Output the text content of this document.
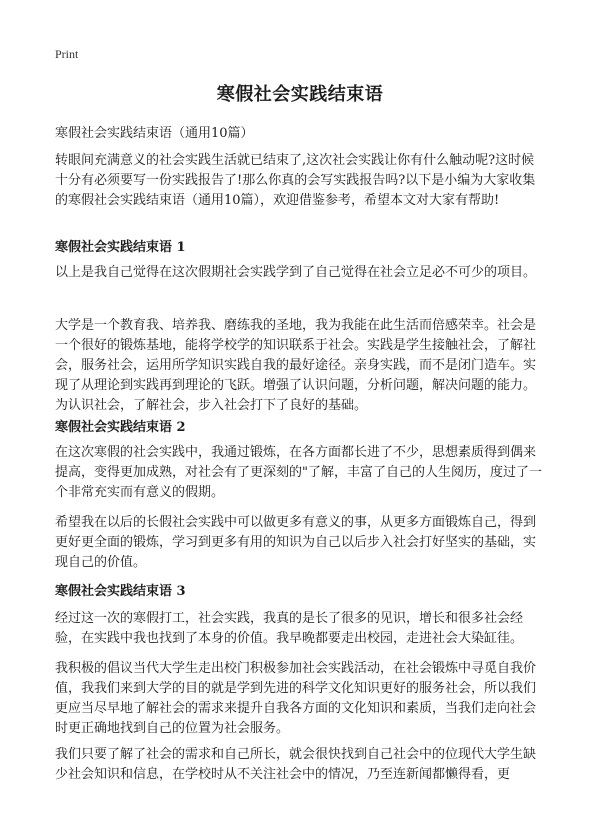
Print
寒假社会实践结束语
寒假社会实践结束语（通用10篇）
转眼间充满意义的社会实践生活就已结束了,这次社会实践让你有什么触动呢?这时候十分有必须要写一份实践报告了!那么你真的会写实践报告吗?以下是小编为大家收集的寒假社会实践结束语（通用10篇），欢迎借鉴参考，希望本文对大家有帮助!
寒假社会实践结束语 1
以上是我自己觉得在这次假期社会实践学到了自己觉得在社会立足必不可少的项目。
大学是一个教育我、培养我、磨练我的圣地，我为我能在此生活而倍感荣幸。社会是一个很好的锻炼基地，能将学校学的知识联系于社会。实践是学生接触社会，了解社会，服务社会，运用所学知识实践自我的最好途径。亲身实践，而不是闭门造车。实现了从理论到实践再到理论的飞跃。增强了认识问题，分析问题，解决问题的能力。为认识社会，了解社会，步入社会打下了良好的基础。
寒假社会实践结束语 2
在这次寒假的社会实践中，我通过锻炼，在各方面都长进了不少，思想素质得到偶来提高，变得更加成熟，对社会有了更深刻的"了解，丰富了自己的人生阅历，度过了一个非常充实而有意义的假期。
希望我在以后的长假社会实践中可以做更多有意义的事，从更多方面锻炼自己，得到更好更全面的锻炼，学习到更多有用的知识为自己以后步入社会打好坚实的基础，实现自己的价值。
寒假社会实践结束语 3
经过这一次的寒假打工，社会实践，我真的是长了很多的见识，增长和很多社会经验，在实践中我也找到了本身的价值。我早晚都要走出校园，走进社会大染缸徍。
我积极的倡议当代大学生走出校门积极参加社会实践活动，在社会锻炼中寻觅自我价值，我我们来到大学的目的就是学到先进的科学文化知识更好的服务社会，所以我们更应当尽早地了解社会的需求来提升自我各方面的文化知识和素质，当我们走向社会时更正确地找到自己的位置为社会服务。
我们只要了解了社会的需求和自己所长，就会很快找到自己社会中的位现代大学生缺少社会知识和信息，在学校时从不关注社会中的情况，乃至连新闻都懒得看，更
